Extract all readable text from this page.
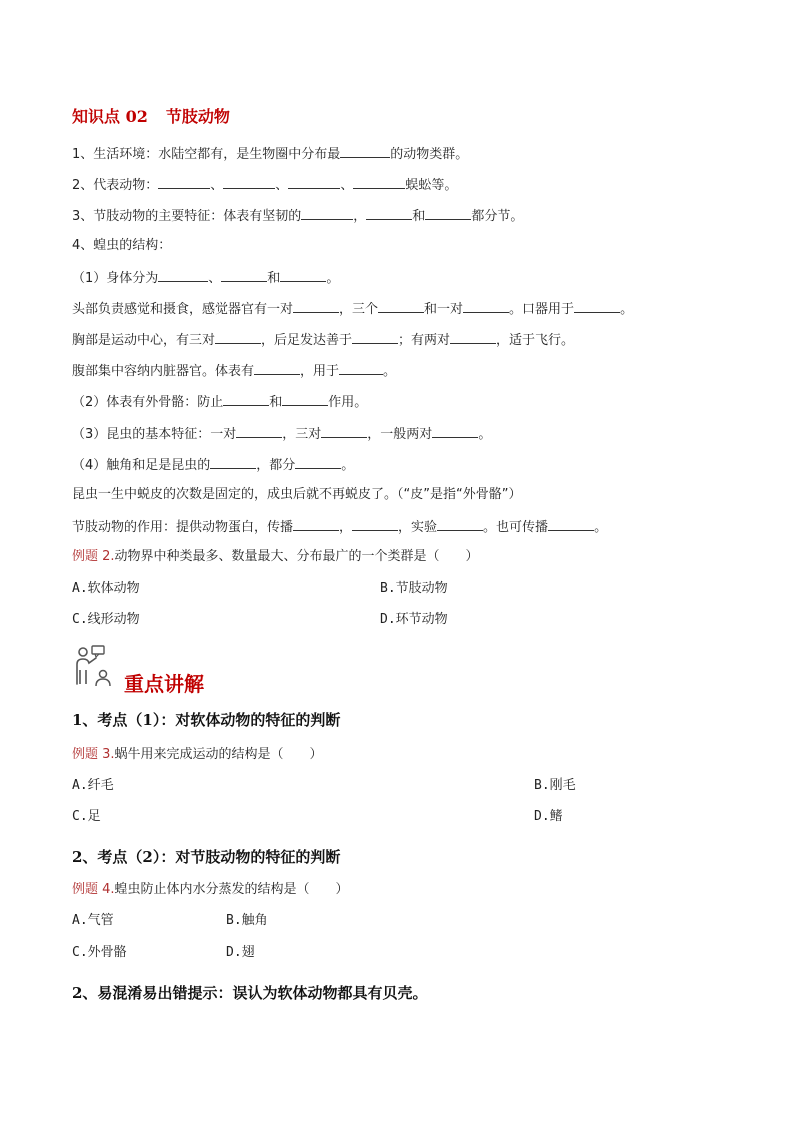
知识点 02 节肢动物
1、生活环境：水陆空都有，是生物圈中分布最	的动物类群。
2、代表动物：	、	、	、	蜈蚣等。
3、节肢动物的主要特征：体表有坚韧的	，	和	都分节。
4、蝗虫的结构：
（1）身体分为	、	和	。
头部负责感觉和摄食，感觉器官有一对	，三个	和一对	。口器用于	。
胸部是运动中心，有三对	，后足发达善于	；有两对	，适于飞行。
腹部集中容纳内脏器官。体表有	，用于	。
（2）体表有外骨骼：防止	和	作用。
（3）昆虫的基本特征：一对	，三对	，一般两对	。
（4）触角和足是昆虫的	，都分	。
昆虫一生中蜕皮的次数是固定的，成虫后就不再蜕皮了。（“皮”是指“外骨骼”）
节肢动物的作用：提供动物蛋白，传播	，	，实验	。也可传播	。
例题 2.动物界中种类最多、数量最大、分布最广的一个类群是（　　）
A.软体动物	B.节肢动物
C.线形动物	D.环节动物
重点讲解
1、考点（1）：对软体动物的特征的判断
例题 3.蜗牛用来完成运动的结构是（　　）
A.纤毛	B.刚毛
C.足	D.鳍
2、考点（2）：对节肢动物的特征的判断
例题 4.蝗虫防止体内水分蒸发的结构是（　　）
A.气管	B.触角
C.外骨骼	D.翅
2、易混淆易出错提示：误认为软体动物都具有贝壳。
